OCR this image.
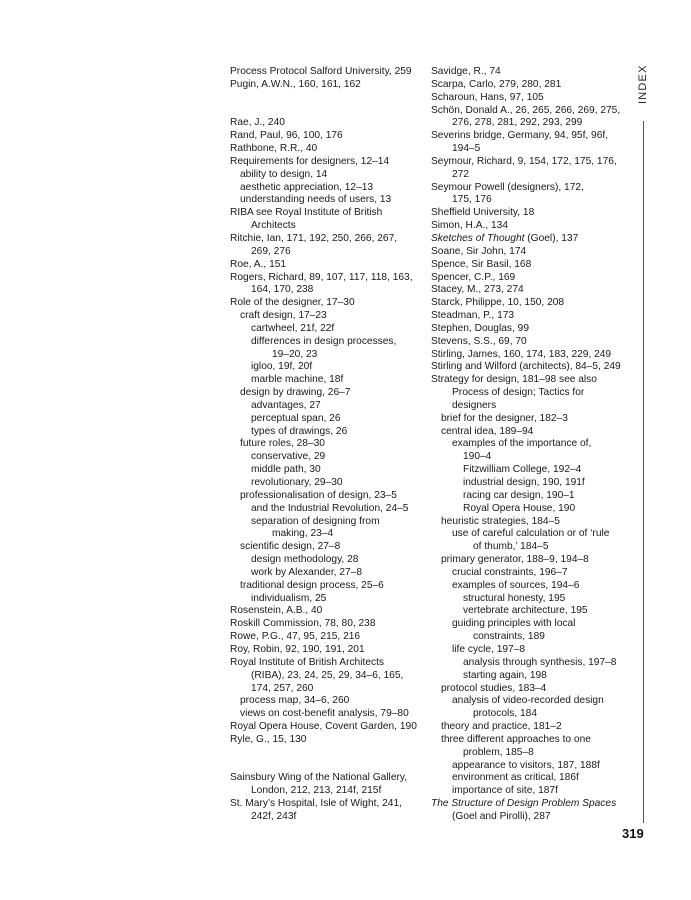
Process Protocol Salford University, 259
Pugin, A.W.N., 160, 161, 162
Rae, J., 240
Rand, Paul, 96, 100, 176
Rathbone, R.R., 40
Requirements for designers, 12–14
ability to design, 14
aesthetic appreciation, 12–13
understanding needs of users, 13
RIBA see Royal Institute of British
Architects
Ritchie, Ian, 171, 192, 250, 266, 267,
269, 276
Roe, A., 151
Rogers, Richard, 89, 107, 117, 118, 163,
164, 170, 238
Role of the designer, 17–30
craft design, 17–23
cartwheel, 21f, 22f
differences in design processes,
19–20, 23
igloo, 19f, 20f
marble machine, 18f
design by drawing, 26–7
advantages, 27
perceptual span, 26
types of drawings, 26
future roles, 28–30
conservative, 29
middle path, 30
revolutionary, 29–30
professionalisation of design, 23–5
and the Industrial Revolution, 24–5
separation of designing from
making, 23–4
scientific design, 27–8
design methodology, 28
work by Alexander, 27–8
traditional design process, 25–6
individualism, 25
Rosenstein, A.B., 40
Roskill Commission, 78, 80, 238
Rowe, P.G., 47, 95, 215, 216
Roy, Robin, 92, 190, 191, 201
Royal Institute of British Architects
(RIBA), 23, 24, 25, 29, 34–6, 165,
174, 257, 260
process map, 34–6, 260
views on cost-benefit analysis, 79–80
Royal Opera House, Covent Garden, 190
Ryle, G., 15, 130
Sainsbury Wing of the National Gallery,
London, 212, 213, 214f, 215f
St. Mary’s Hospital, Isle of Wight, 241,
242f, 243f
Savidge, R., 74
Scarpa, Carlo, 279, 280, 281
Scharoun, Hans, 97, 105
Schön, Donald A., 26, 265, 266, 269, 275,
276, 278, 281, 292, 293, 299
Severins bridge, Germany, 94, 95f, 96f,
194–5
Seymour, Richard, 9, 154, 172, 175, 176,
272
Seymour Powell (designers), 172,
175, 176
Sheffield University, 18
Simon, H.A., 134
Sketches of Thought (Goel), 137
Soane, Sir John, 174
Spence, Sir Basil, 168
Spencer, C.P., 169
Stacey, M., 273, 274
Starck, Philippe, 10, 150, 208
Steadman, P., 173
Stephen, Douglas, 99
Stevens, S.S., 69, 70
Stirling, James, 160, 174, 183, 229, 249
Stirling and Wilford (architects), 84–5, 249
Strategy for design, 181–98 see also
Process of design; Tactics for
designers
brief for the designer, 182–3
central idea, 189–94
examples of the importance of,
190–4
Fitzwilliam College, 192–4
industrial design, 190, 191f
racing car design, 190–1
Royal Opera House, 190
heuristic strategies, 184–5
use of careful calculation or of ‘rule
of thumb,’ 184–5
primary generator, 188–9, 194–8
crucial constraints, 196–7
examples of sources, 194–6
structural honesty, 195
vertebrate architecture, 195
guiding principles with local
constraints, 189
life cycle, 197–8
analysis through synthesis, 197–8
starting again, 198
protocol studies, 183–4
analysis of video-recorded design
protocols, 184
theory and practice, 181–2
three different approaches to one
problem, 185–8
appearance to visitors, 187, 188f
environment as critical, 186f
importance of site, 187f
The Structure of Design Problem Spaces
(Goel and Pirolli), 287
INDEX
319
